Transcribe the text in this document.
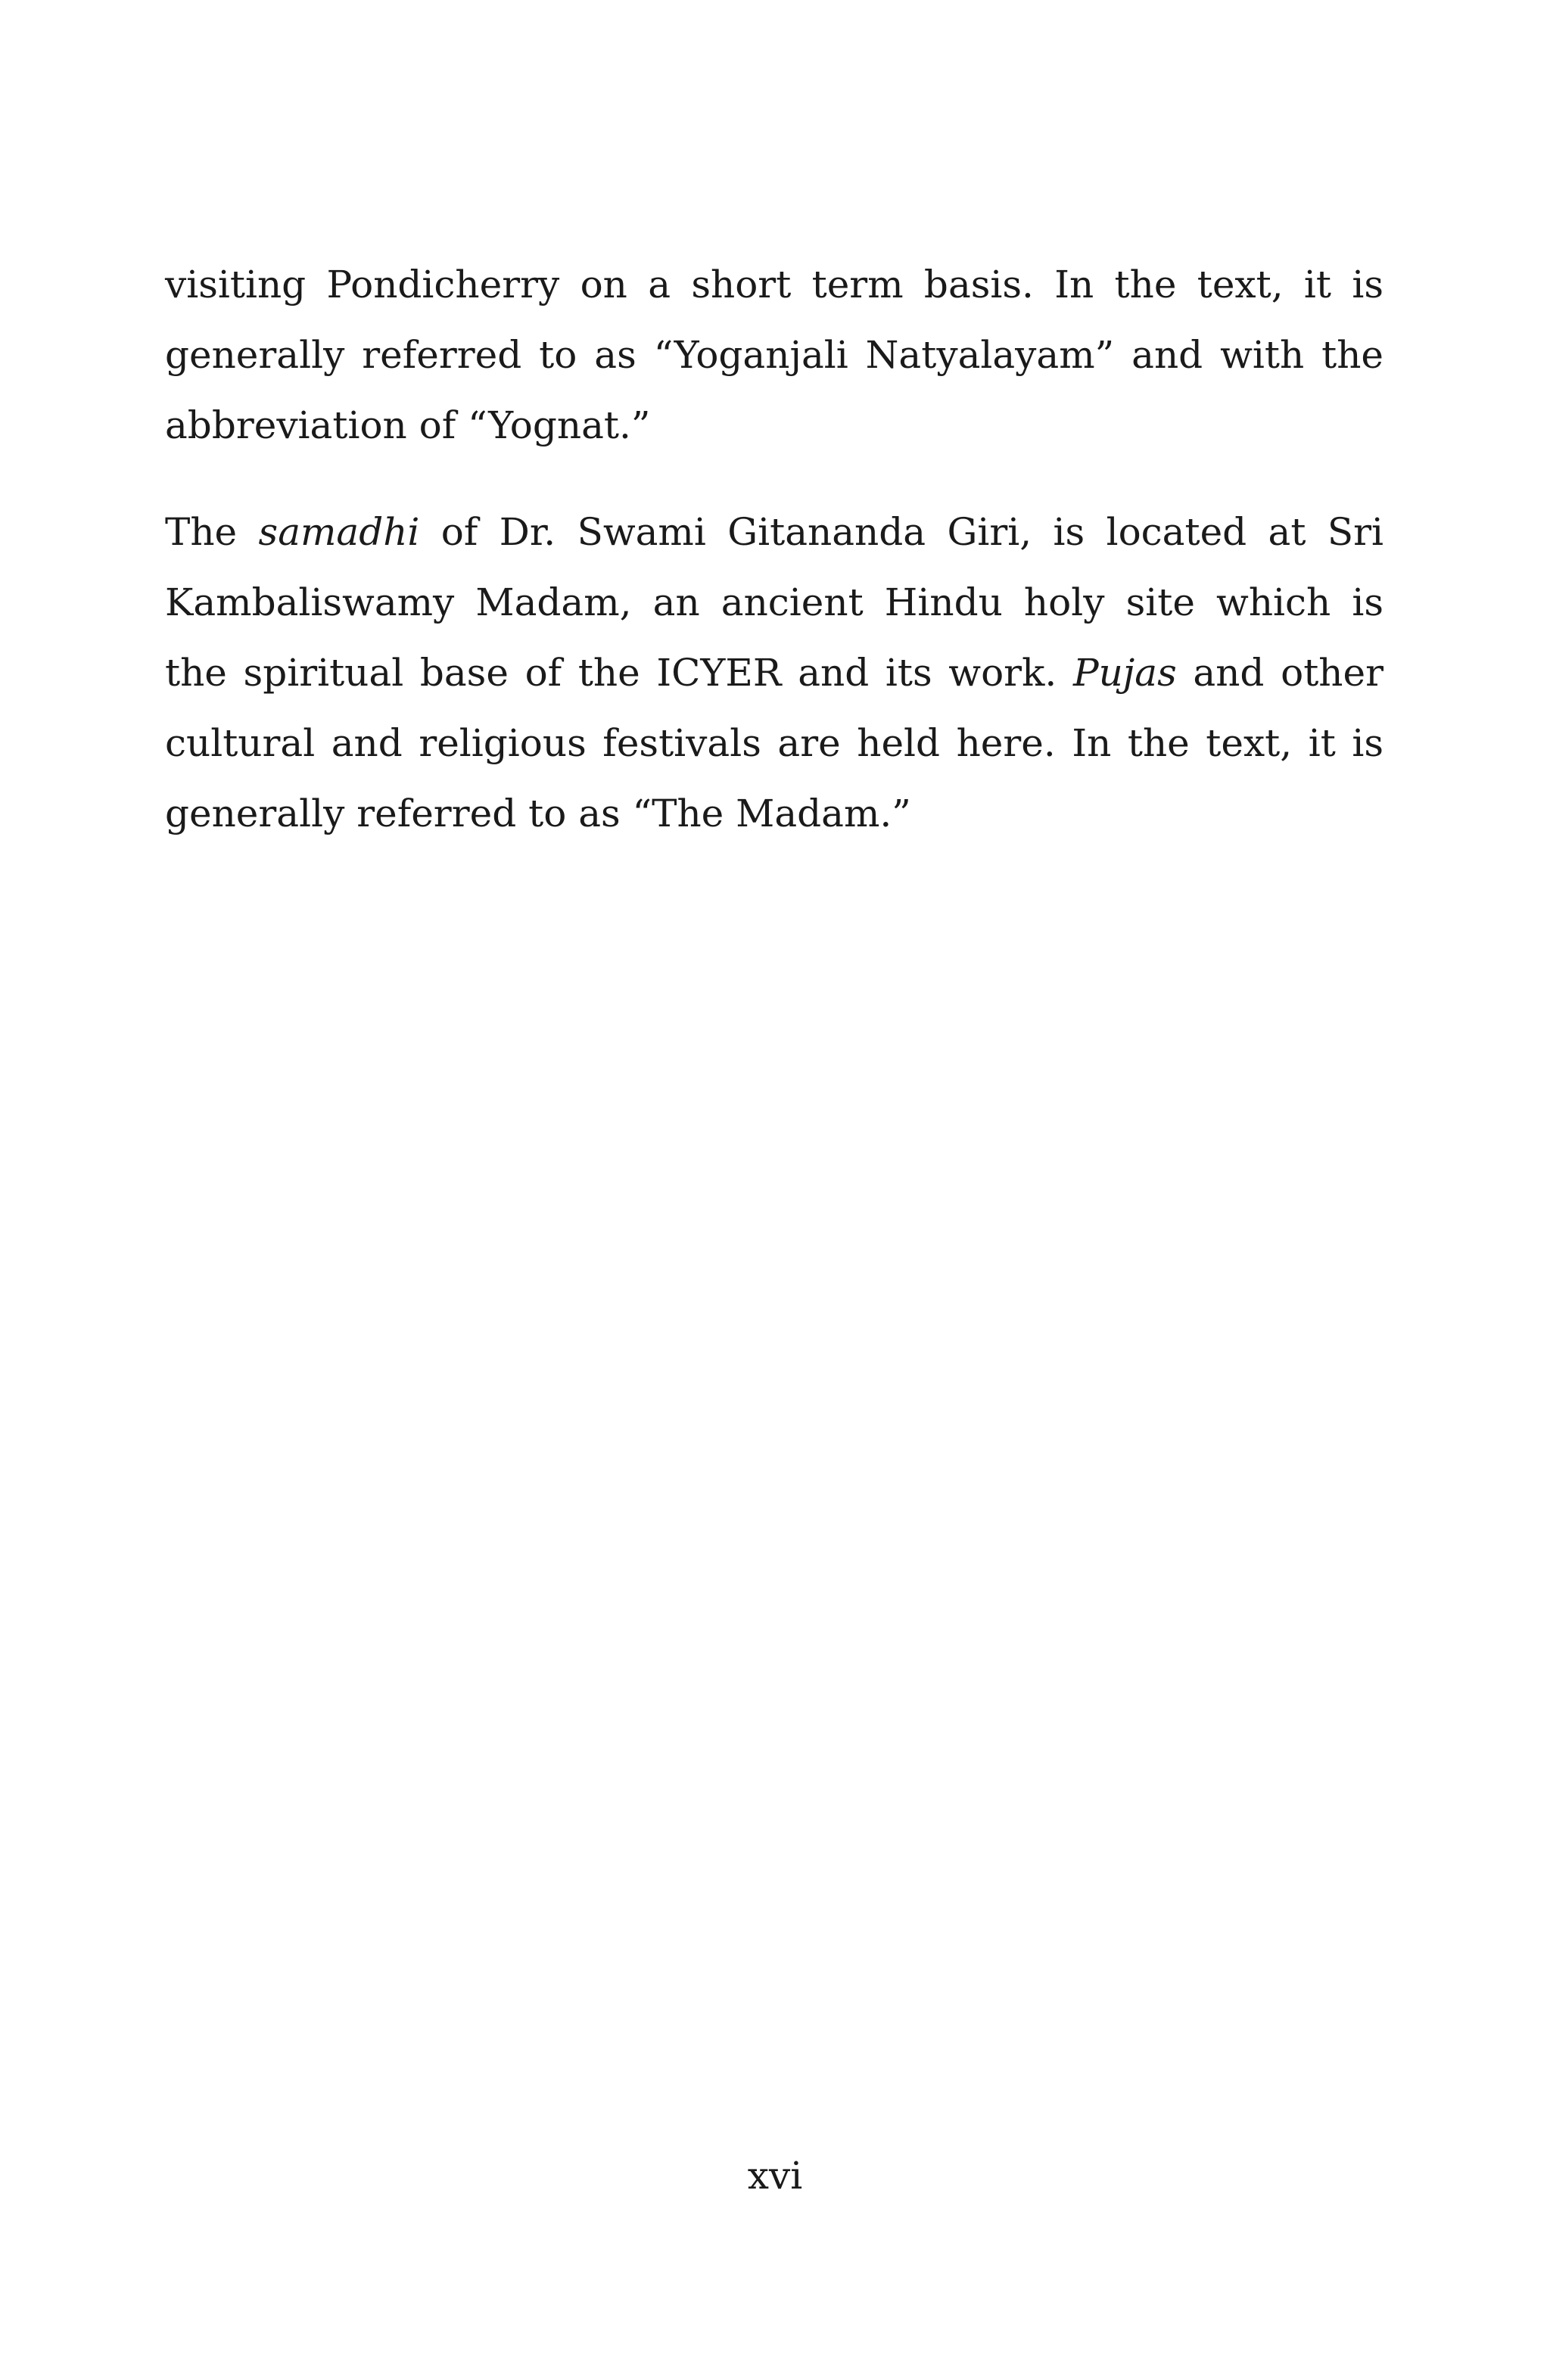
visiting Pondicherry on a short term basis. In the text, it is
generally referred to as “Yoganjali Natyalayam” and with the
abbreviation of “Yognat.”

The samadhi of Dr. Swami Gitananda Giri, is located at Sri
Kambaliswamy Madam, an ancient Hindu holy site which is
the spiritual base of the ICYER and its work. Pujas and other
cultural and religious festivals are held here. In the text, it is
generally referred to as “The Madam.”

xvi
